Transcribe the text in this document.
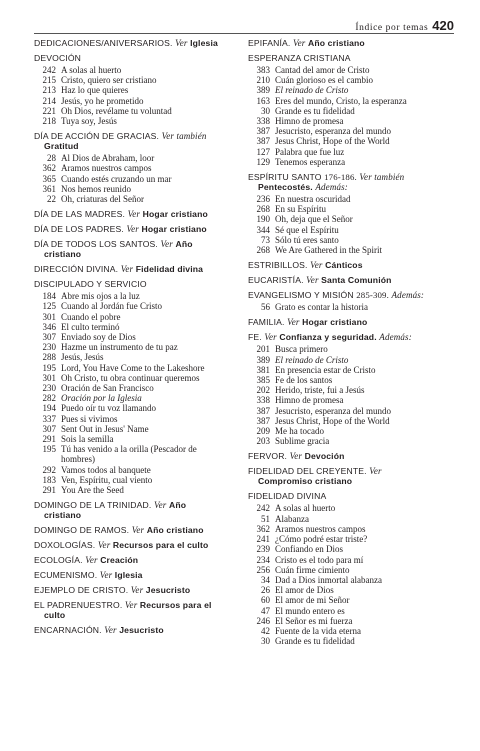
Índice por temas 420
DEDICACIONES/ANIVERSARIOS. Ver Iglesia
DEVOCIÓN
242 A solas al huerto
215 Cristo, quiero ser cristiano
213 Haz lo que quieres
214 Jesús, yo he prometido
221 Oh Dios, revélame tu voluntad
218 Tuya soy, Jesús
DÍA DE ACCIÓN DE GRACIAS. Ver también
Gratitud
28 Al Dios de Abraham, loor
362 Aramos nuestros campos
365 Cuando estés cruzando un mar
361 Nos hemos reunido
22 Oh, criaturas del Señor
DÍA DE LAS MADRES. Ver Hogar cristiano
DÍA DE LOS PADRES. Ver Hogar cristiano
DÍA DE TODOS LOS SANTOS. Ver Año
cristiano
DIRECCIÓN DIVINA. Ver Fidelidad divina
DISCIPULADO Y SERVICIO
184 Abre mis ojos a la luz
125 Cuando al Jordán fue Cristo
301 Cuando el pobre
346 El culto terminó
307 Enviado soy de Dios
230 Hazme un instrumento de tu paz
288 Jesús, Jesús
195 Lord, You Have Come to the Lakeshore
301 Oh Cristo, tu obra continuar queremos
230 Oración de San Francisco
282 Oración por la Iglesia
194 Puedo oír tu voz llamando
337 Pues si vivimos
307 Sent Out in Jesus' Name
291 Sois la semilla
195 Tú has venido a la orilla (Pescador de
hombres)
292 Vamos todos al banquete
183 Ven, Espíritu, cual viento
291 You Are the Seed
DOMINGO DE LA TRINIDAD. Ver Año
cristiano
DOMINGO DE RAMOS. Ver Año cristiano
DOXOLOGÍAS. Ver Recursos para el culto
ECOLOGÍA. Ver Creación
ECUMENISMO. Ver Iglesia
EJEMPLO DE CRISTO. Ver Jesucristo
EL PADRENUESTRO. Ver Recursos para el
culto
ENCARNACIÓN. Ver Jesucristo
EPIFANÍA. Ver Año cristiano
ESPERANZA CRISTIANA
383 Cantad del amor de Cristo
210 Cuán glorioso es el cambio
389 El reinado de Cristo
163 Eres del mundo, Cristo, la esperanza
30 Grande es tu fidelidad
338 Himno de promesa
387 Jesucristo, esperanza del mundo
387 Jesus Christ, Hope of the World
127 Palabra que fue luz
129 Tenemos esperanza
ESPÍRITU SANTO 176-186. Ver también
Pentecostés. Además:
236 En nuestra oscuridad
268 En su Espíritu
190 Oh, deja que el Señor
344 Sé que el Espíritu
73 Sólo tú eres santo
268 We Are Gathered in the Spirit
ESTRIBILLOS. Ver Cánticos
EUCARISTÍA. Ver Santa Comunión
EVANGELISMO Y MISIÓN 285-309. Además:
56 Grato es contar la historia
FAMILIA. Ver Hogar cristiano
FE. Ver Confianza y seguridad. Además:
201 Busca primero
389 El reinado de Cristo
381 En presencia estar de Cristo
385 Fe de los santos
202 Herido, triste, fui a Jesús
338 Himno de promesa
387 Jesucristo, esperanza del mundo
387 Jesus Christ, Hope of the World
209 Me ha tocado
203 Sublime gracia
FERVOR. Ver Devoción
FIDELIDAD DEL CREYENTE. Ver
Compromiso cristiano
FIDELIDAD DIVINA
242 A solas al huerto
51 Alabanza
362 Aramos nuestros campos
241 ¿Cómo podré estar triste?
239 Confiando en Dios
234 Cristo es el todo para mí
256 Cuán firme cimiento
34 Dad a Dios inmortal alabanza
26 El amor de Dios
60 El amor de mi Señor
47 El mundo entero es
246 El Señor es mi fuerza
42 Fuente de la vida eterna
30 Grande es tu fidelidad
